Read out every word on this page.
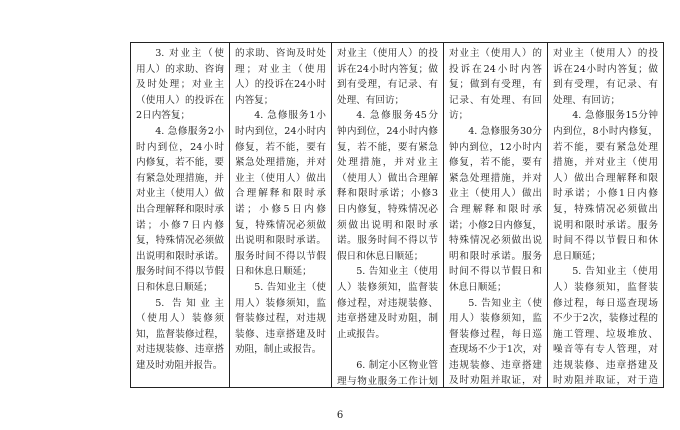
3. 对业主（使用人）的求助、咨询及时处理；对业主（使用人）的投诉在2日内答复；

4. 急修服务2小时内到位，24小时内修复，若不能，要有紧急处理措施，并对业主（使用人）做出合理解释和限时承诺；小修7日内修复，特殊情况必须做出说明和限时承诺。服务时间不得以节假日和休息日顺延；

5. 告知业主（使用人）装修须知，监督装修过程，对违规装修、违章搭建及时劝阻并报告。

的求助、咨询及时处理；对业主（使用人）的投诉在24小时内答复；

4. 急修服务1小时内到位，24小时内修复，若不能，要有紧急处理措施，并对业主（使用人）做出合理解释和限时承诺；小修5日内修复，特殊情况必须做出说明和限时承诺。服务时间不得以节假日和休息日顺延；

5. 告知业主（使用人）装修须知，监督装修过程，对违规装修、违章搭建及时劝阻，制止或报告。

对业主（使用人）的投诉在24小时内答复；做到有受理，有记录、有处理、有回访；

4. 急修服务45分钟内到位，24小时内修复，若不能，要有紧急处理措施，并对业主（使用人）做出合理解释和限时承诺；小修3日内修复，特殊情况必须做出说明和限时承诺。服务时间不得以节假日和休息日顺延；

5. 告知业主（使用人）装修须知，监督装修过程，对违规装修、违章搭建及时劝阻，制止或报告。

6. 制定小区物业管理与物业服务工作计划

对业主（使用人）的投诉在24小时内答复；做到有受理，有记录、有处理、有回访；

4. 急修服务30分钟内到位，12小时内修复，若不能，要有紧急处理措施，并对业主（使用人）做出合理解释和限时承诺；小修2日内修复，特殊情况必须做出说明和限时承诺。服务时间不得以节假日和休息日顺延；

5. 告知业主（使用人）装修须知，监督装修过程，每日巡查现场不少于1次，对违规装修、违章搭建及时劝阻并取证，对

对业主（使用人）的投诉在24小时内答复；做到有受理，有记录、有处理、有回访；

4. 急修服务15分钟内到位，8小时内修复，若不能，要有紧急处理措施，并对业主（使用人）做出合理解释和限时承诺；小修1日内修复，特殊情况必须做出说明和限时承诺。服务时间不得以节假日和休息日顺延；

5. 告知业主（使用人）装修须知，监督装修过程，每日巡查现场不少于2次，装修过程的施工管理、垃圾堆放、噪音等有专人管理，对违规装修、违章搭建及时劝阻并取证，对于造

6
